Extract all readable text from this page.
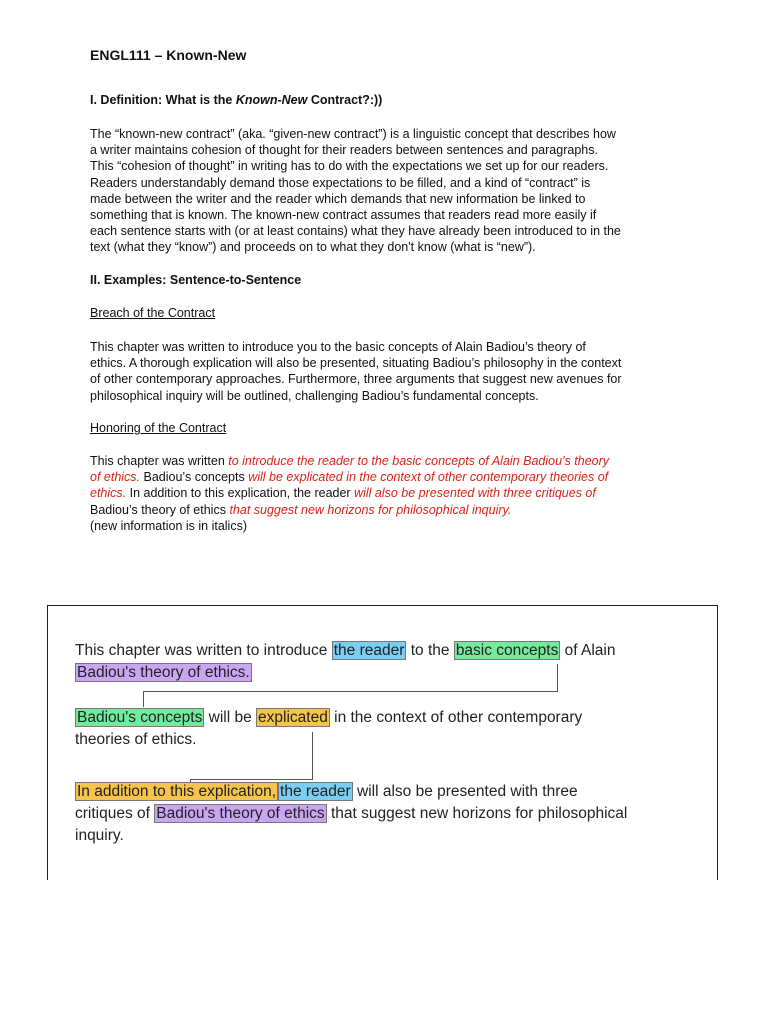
ENGL111 – Known-New
I. Definition: What is the Known-New Contract?:))
The “known-new contract” (aka. “given-new contract”) is a linguistic concept that describes how
a writer maintains cohesion of thought for their readers between sentences and paragraphs.
This “cohesion of thought” in writing has to do with the expectations we set up for our readers.
Readers understandably demand those expectations to be filled, and a kind of “contract” is
made between the writer and the reader which demands that new information be linked to
something that is known. The known-new contract assumes that readers read more easily if
each sentence starts with (or at least contains) what they have already been introduced to in the
text (what they “know”) and proceeds on to what they don't know (what is “new”).
II. Examples: Sentence-to-Sentence
Breach of the Contract
This chapter was written to introduce you to the basic concepts of Alain Badiou’s theory of
ethics. A thorough explication will also be presented, situating Badiou’s philosophy in the context
of other contemporary approaches. Furthermore, three arguments that suggest new avenues for
philosophical inquiry will be outlined, challenging Badiou’s fundamental concepts.
Honoring of the Contract
This chapter was written to introduce the reader to the basic concepts of Alain Badiou’s theory
of ethics. Badiou’s concepts will be explicated in the context of other contemporary theories of
ethics. In addition to this explication, the reader will also be presented with three critiques of
Badiou’s theory of ethics that suggest new horizons for philosophical inquiry.
(new information is in italics)
This chapter was written to introduce the reader to the basic concepts of Alain
Badiou's theory of ethics.
Badiou's concepts will be explicated in the context of other contemporary
theories of ethics.
In addition to this explication, the reader will also be presented with three
critiques of Badiou's theory of ethics that suggest new horizons for philosophical
inquiry.
